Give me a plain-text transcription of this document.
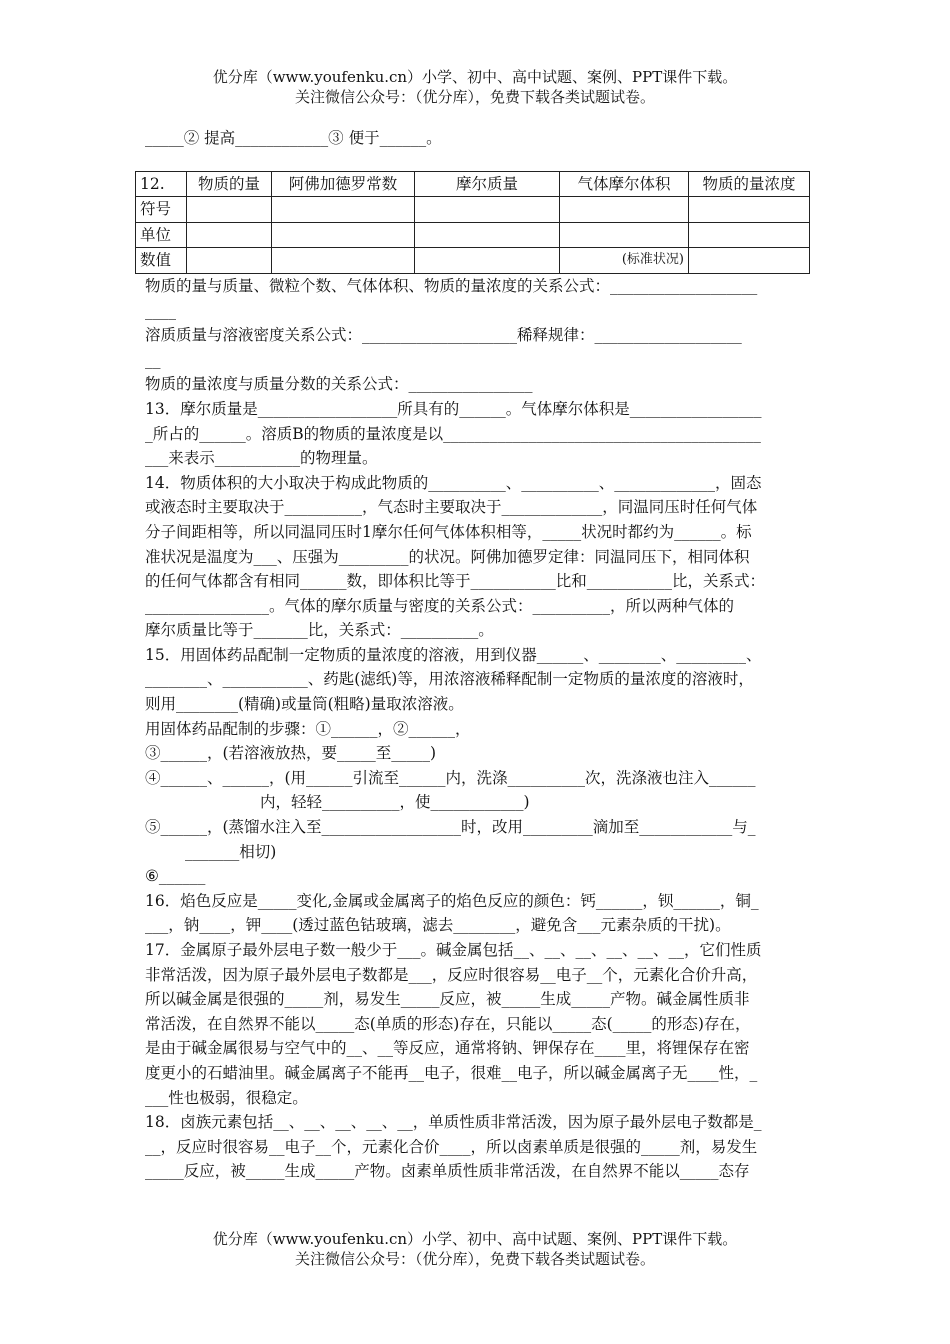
优分库（www.youfenku.cn）小学、初中、高中试题、案例、PPT课件下载。
关注微信公众号：（优分库），免费下载各类试题试卷。
_____② 提高____________③ 便于______。
12.	物质的量	阿佛加德罗常数	摩尔质量	气体摩尔体积	物质的量浓度
符号					
单位					
数值				(标准状况)	
物质的量与质量、微粒个数、气体体积、物质的量浓度的关系公式：___________________
____
溶质质量与溶液密度关系公式：____________________稀释规律：___________________
__
物质的量浓度与质量分数的关系公式：________________
13．摩尔质量是__________________所具有的______。气体摩尔体积是_________________
_所占的______。溶质B的物质的量浓度是以_________________________________________
___来表示___________的物理量。
14．物质体积的大小取决于构成此物质的__________、__________、_____________，固态
或液态时主要取决于__________，气态时主要取决于_____________，同温同压时任何气体
分子间距相等，所以同温同压时1摩尔任何气体体积相等，_____状况时都约为______。标
准状况是温度为___、压强为_________的状况。阿佛加德罗定律：同温同压下，相同体积
的任何气体都含有相同______数，即体积比等于___________比和___________比，关系式：
________________。气体的摩尔质量与密度的关系公式：__________，所以两种气体的
摩尔质量比等于_______比，关系式：__________。
15．用固体药品配制一定物质的量浓度的溶液，用到仪器______、________、_________、
________、___________、药匙(滤纸)等，用浓溶液稀释配制一定物质的量浓度的溶液时，
则用________(精确)或量筒(粗略)量取浓溶液。
用固体药品配制的步骤：①______，②______，
③______，(若溶液放热，要_____至_____)
④______、______，(用______引流至______内，洗涤__________次，洗涤液也注入______
内，轻轻__________，使____________)
⑤______，(蒸馏水注入至__________________时，改用_________滴加至____________与_
_______相切)
⑥______
16．焰色反应是_____变化,金属或金属离子的焰色反应的颜色：钙______，钡______，铜_
___，钠____，钾____(透过蓝色钴玻璃，滤去________，避免含___元素杂质的干扰)。
17．金属原子最外层电子数一般少于___。碱金属包括__、__、__、__、__、__，它们性质
非常活泼，因为原子最外层电子数都是___，反应时很容易__电子__个，元素化合价升高，
所以碱金属是很强的_____剂，易发生_____反应，被_____生成_____产物。碱金属性质非
常活泼，在自然界不能以_____态(单质的形态)存在，只能以_____态(_____的形态)存在，
是由于碱金属很易与空气中的__、__等反应，通常将钠、钾保存在____里，将锂保存在密
度更小的石蜡油里。碱金属离子不能再__电子，很难__电子，所以碱金属离子无____性，_
___性也极弱，很稳定。
18．卤族元素包括__、__、__、__、__，单质性质非常活泼，因为原子最外层电子数都是_
__，反应时很容易__电子__个，元素化合价____，所以卤素单质是很强的_____剂，易发生
_____反应，被_____生成_____产物。卤素单质性质非常活泼，在自然界不能以_____态存
优分库（www.youfenku.cn）小学、初中、高中试题、案例、PPT课件下载。
关注微信公众号：（优分库），免费下载各类试题试卷。
